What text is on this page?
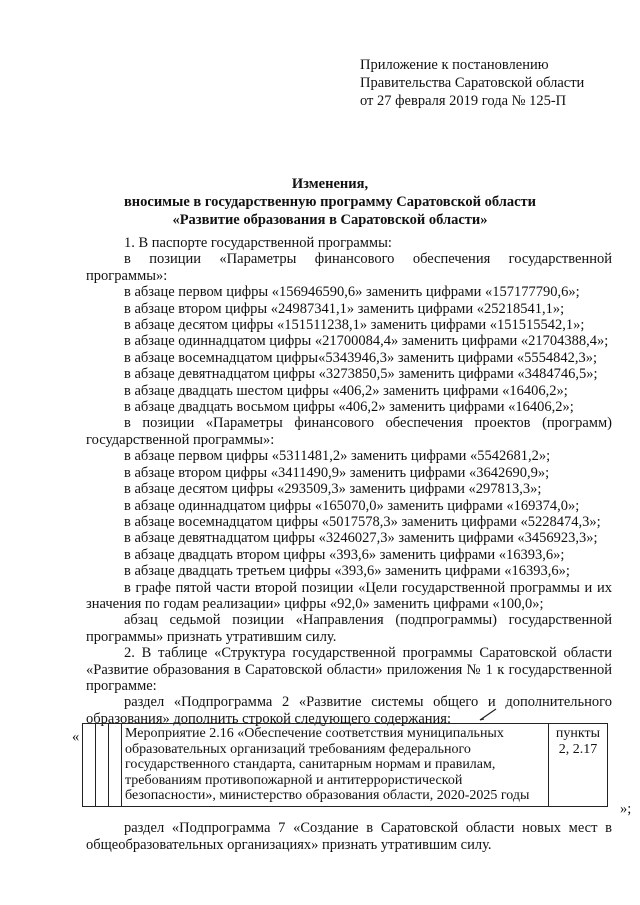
Приложение к постановлению
Правительства Саратовской области
от 27 февраля 2019 года № 125-П
Изменения,
вносимые в государственную программу Саратовской области
«Развитие образования в Саратовской области»

1. В паспорте государственной программы:

в позиции «Параметры финансового обеспечения государственной программы»:

в абзаце первом цифры «156946590,6» заменить цифрами «157177790,6»;

в абзаце втором цифры «24987341,1» заменить цифрами «25218541,1»;

в абзаце десятом цифры «151511238,1» заменить цифрами «151515542,1»;

в абзаце одиннадцатом цифры «21700084,4» заменить цифрами «21704388,4»;

в абзаце восемнадцатом цифры«5343946,3» заменить цифрами «5554842,3»;

в абзаце девятнадцатом цифры «3273850,5» заменить цифрами «3484746,5»;

в абзаце двадцать шестом цифры «406,2» заменить цифрами «16406,2»;

в абзаце двадцать восьмом цифры «406,2» заменить цифрами «16406,2»;

в позиции «Параметры финансового обеспечения проектов (программ) государственной программы»:

в абзаце первом цифры «5311481,2» заменить цифрами «5542681,2»;

в абзаце втором цифры «3411490,9» заменить цифрами «3642690,9»;

в абзаце десятом цифры «293509,3» заменить цифрами «297813,3»;

в абзаце одиннадцатом цифры «165070,0» заменить цифрами «169374,0»;

в абзаце восемнадцатом цифры «5017578,3» заменить цифрами «5228474,3»;

в абзаце девятнадцатом цифры «3246027,3» заменить цифрами «3456923,3»;

в абзаце двадцать втором цифры «393,6» заменить цифрами «16393,6»;

в абзаце двадцать третьем цифры «393,6» заменить цифрами «16393,6»;

в графе пятой части второй позиции «Цели государственной программы и их значения по годам реализации» цифры «92,0» заменить цифрами «100,0»;

абзац седьмой позиции «Направления (подпрограммы) государственной программы» признать утратившим силу.

2. В таблице «Структура государственной программы Саратовской области «Развитие образования в Саратовской области» приложения № 1 к государственной программе:

раздел «Подпрограмма 2 «Развитие системы общего и дополнительного образования» дополнить строкой следующего содержания:

«
				Мероприятие 2.16 «Обеспечение соответствия муниципальных образовательных организаций требованиям федерального государственного стандарта, санитарным нормам и правилам, требованиям противопожарной и антитеррористической безопасности», министерство образования области, 2020-2025 годы	пункты 2, 2.17
»;

раздел «Подпрограмма 7 «Создание в Саратовской области новых мест в общеобразовательных организациях» признать утратившим силу.
